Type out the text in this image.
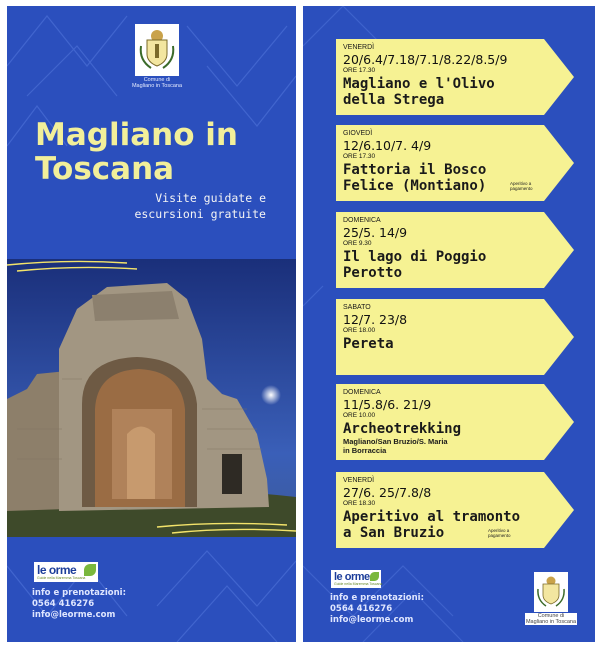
Comune di
Magliano in Toscana
Magliano in
Toscana
Visite guidate e
escursioni gratuite
le orme
Guide nella Maremma Toscana
info e prenotazioni:
0564 416276
info@leorme.com
VENERDÌ
20/6.4/7.18/7.1/8.22/8.5/9
ORE 17.30
Magliano e l'Olivo
della Strega
GIOVEDÌ
12/6.10/7. 4/9
ORE 17.30
Fattoria il Bosco
Felice (Montiano)	Aperitivo a
pagamento
DOMENICA
25/5. 14/9
ORE 9.30
Il lago di Poggio
Perotto
SABATO
12/7. 23/8
ORE 18.00
Pereta
DOMENICA
11/5.8/6. 21/9
ORE 10.00
Archeotrekking
Magliano/San Bruzio/S. Maria
in Borraccia
VENERDÌ
27/6. 25/7.8/8
ORE 18.30
Aperitivo al tramonto
a San Bruzio	Aperitivo a
pagamento
le orme
Guide nella Maremma Toscana
info e prenotazioni:
0564 416276
info@leorme.com	Comune di
Magliano in Toscana
